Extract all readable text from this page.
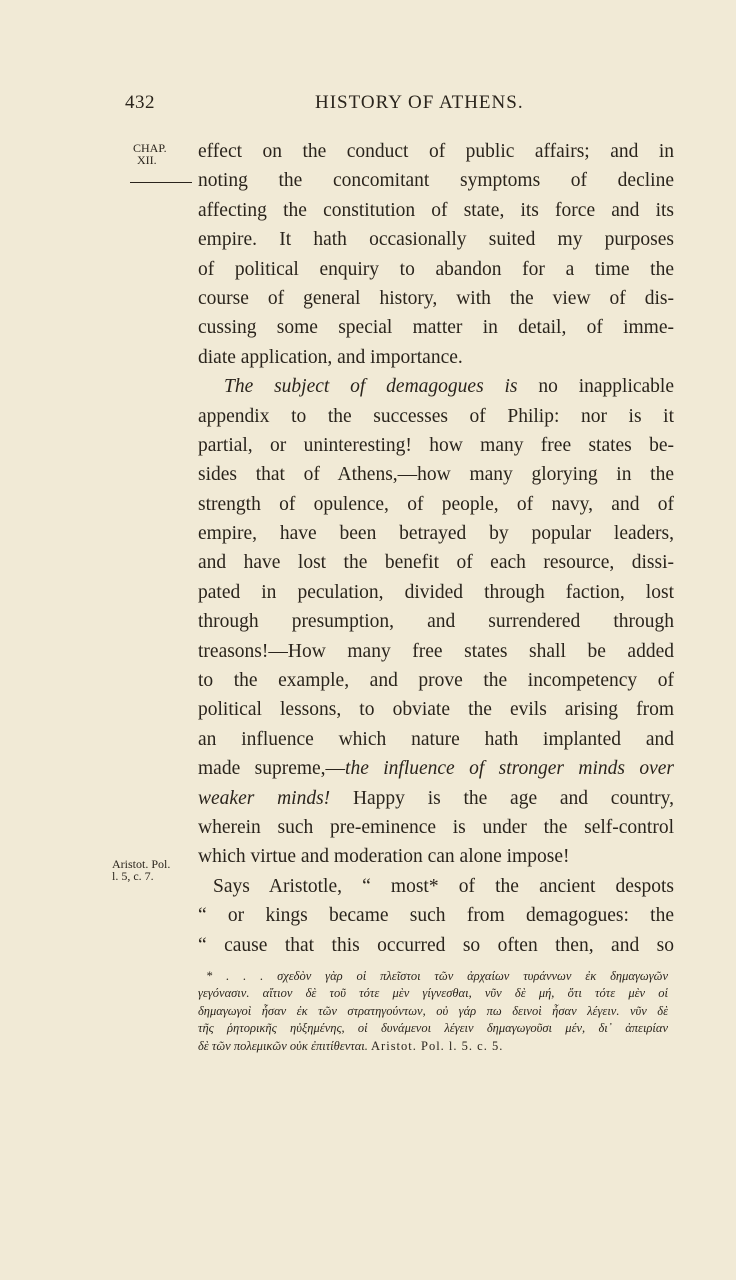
432	HISTORY OF ATHENS.
CHAP.
XII.
Aristot. Pol.
l. 5, c. 7.
effect on the conduct of public affairs; and in
noting the concomitant symptoms of decline
affecting the constitution of state, its force and its
empire. It hath occasionally suited my purposes
of political enquiry to abandon for a time the
course of general history, with the view of dis-
cussing some special matter in detail, of imme-
diate application, and importance.
The subject of demagogues is no inapplicable
appendix to the successes of Philip: nor is it
partial, or uninteresting! how many free states be-
sides that of Athens,—how many glorying in the
strength of opulence, of people, of navy, and of
empire, have been betrayed by popular leaders,
and have lost the benefit of each resource, dissi-
pated in peculation, divided through faction, lost
through presumption, and surrendered through
treasons!—How many free states shall be added
to the example, and prove the incompetency of
political lessons, to obviate the evils arising from
an influence which nature hath implanted and
made supreme,—the influence of stronger minds over
weaker minds! Happy is the age and country,
wherein such pre-eminence is under the self-control
which virtue and moderation can alone impose!
Says Aristotle, “ most* of the ancient despots
“ or kings became such from demagogues: the
“ cause that this occurred so often then, and so
* . . . σχεδὸν γὰρ οἱ πλεῖστοι τῶν ἀρχαίων τυράννων ἐκ δημαγωγῶν
γεγόνασιν. αἴτιον δὲ τοῦ τότε μὲν γίγνεσθαι, νῦν δὲ μή, ὅτι τότε μὲν οἱ
δημαγωγοὶ ἦσαν ἐκ τῶν στρατηγούντων, οὐ γάρ πω δεινοὶ ἦσαν λέγειν. νῦν δὲ
τῆς ῥητορικῆς ηὐξημένης, οἱ δυνάμενοι λέγειν δημαγωγοῦσι μέν, δι᾽ ἀπειρίαν
δὲ τῶν πολεμικῶν οὐκ ἐπιτίθενται. Aristot. Pol. l. 5. c. 5.
